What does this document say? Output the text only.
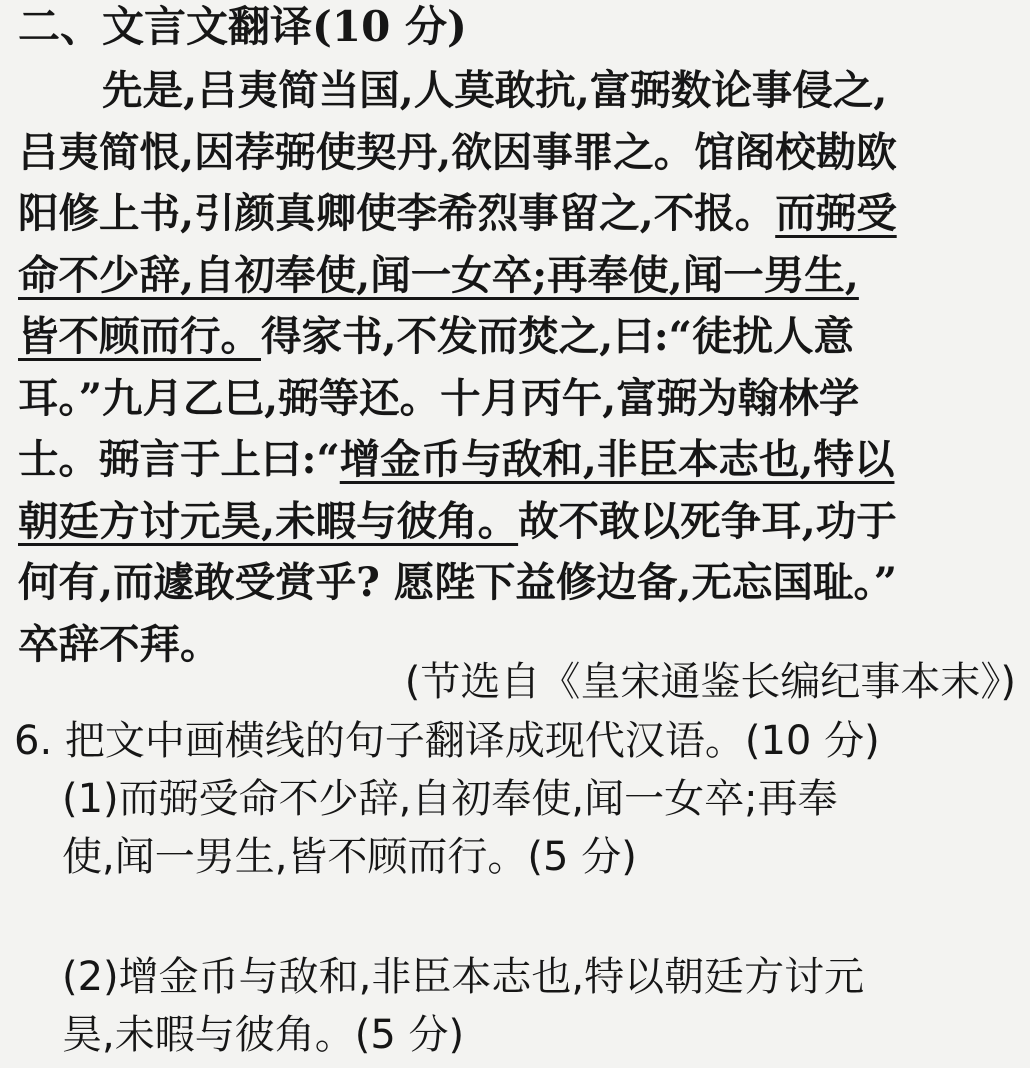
二、文言文翻译(10 分)
先是,吕夷简当国,人莫敢抗,富弼数论事侵之,
吕夷简恨,因荐弼使契丹,欲因事罪之。馆阁校勘欧
阳修上书,引颜真卿使李希烈事留之,不报。而弼受
命不少辞,自初奉使,闻一女卒;再奉使,闻一男生,
皆不顾而行。得家书,不发而焚之,曰:“徒扰人意
耳。”九月乙巳,弼等还。十月丙午,富弼为翰林学
士。弼言于上曰:“增金币与敌和,非臣本志也,特以
朝廷方讨元昊,未暇与彼角。故不敢以死争耳,功于
何有,而遽敢受赏乎? 愿陛下益修边备,无忘国耻。”
卒辞不拜。
(节选自《皇宋通鉴长编纪事本末》)
6. 把文中画横线的句子翻译成现代汉语。(10 分)
(1)而弼受命不少辞,自初奉使,闻一女卒;再奉
使,闻一男生,皆不顾而行。(5 分)
(2)增金币与敌和,非臣本志也,特以朝廷方讨元
昊,未暇与彼角。(5 分)
